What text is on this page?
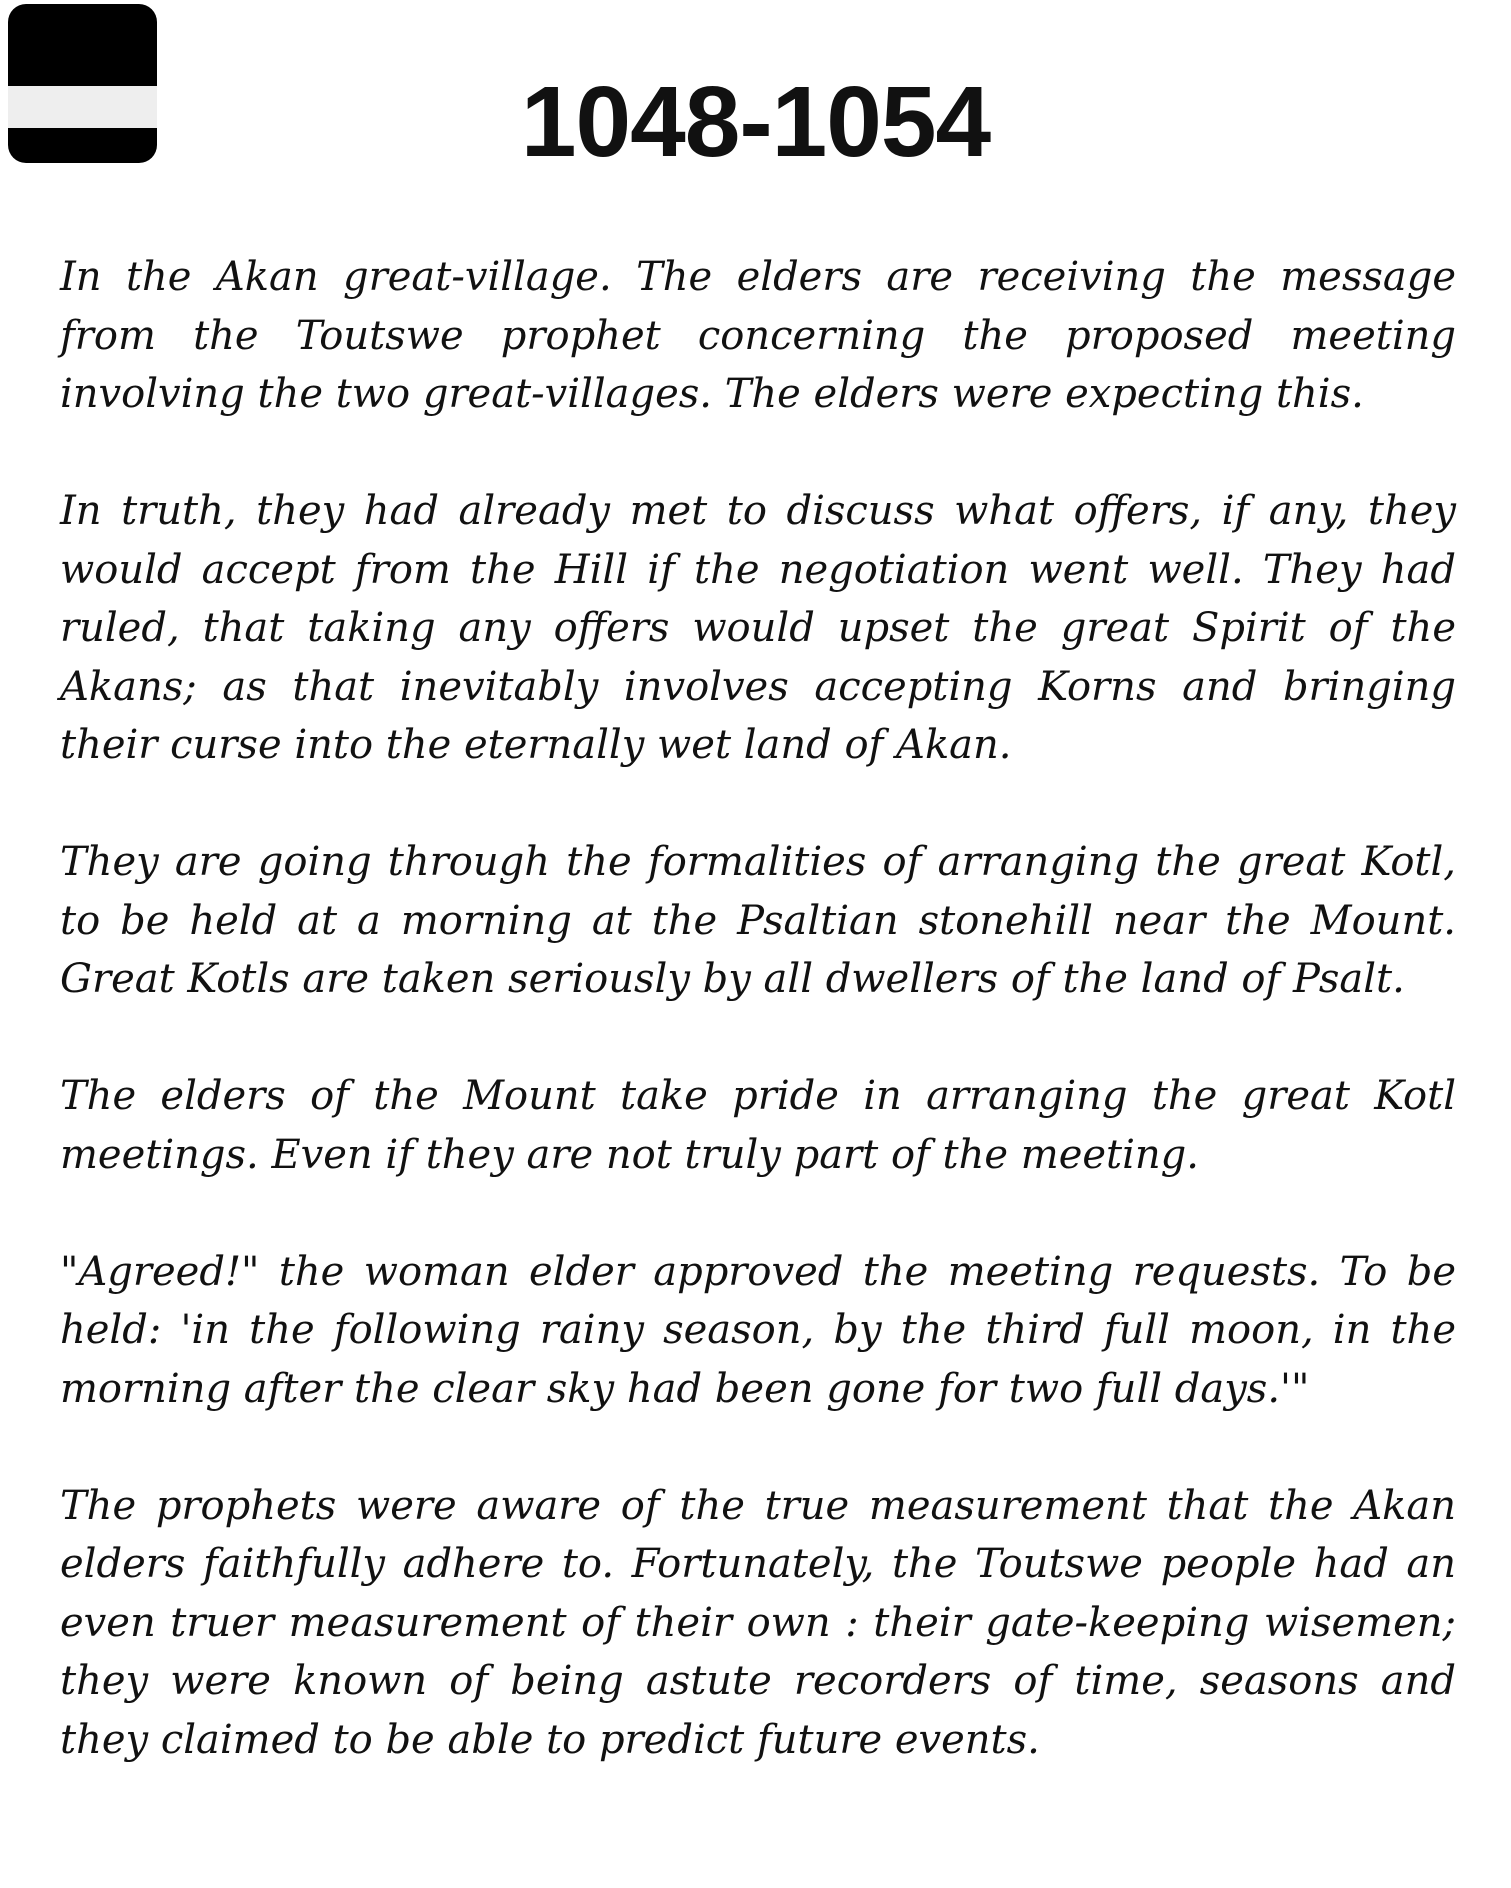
1048-1054

In the Akan great-village. The elders are receiving the message from the Toutswe prophet concerning the proposed meeting involving the two great-villages. The elders were expecting this.

In truth, they had already met to discuss what offers, if any, they would accept from the Hill if the negotiation went well. They had ruled, that taking any offers would upset the great Spirit of the Akans; as that inevitably involves accepting Korns and bringing their curse into the eternally wet land of Akan.

They are going through the formalities of arranging the great Kotl, to be held at a morning at the Psaltian stonehill near the Mount. Great Kotls are taken seriously by all dwellers of the land of Psalt.

The elders of the Mount take pride in arranging the great Kotl meetings. Even if they are not truly part of the meeting.

"Agreed!" the woman elder approved the meeting requests. To be held: 'in the following rainy season, by the third full moon, in the morning after the clear sky had been gone for two full days.'"

The prophets were aware of the true measurement that the Akan elders faithfully adhere to. Fortunately, the Toutswe people had an even truer measurement of their own : their gate-keeping wisemen; they were known of being astute recorders of time, seasons and they claimed to be able to predict future events.
